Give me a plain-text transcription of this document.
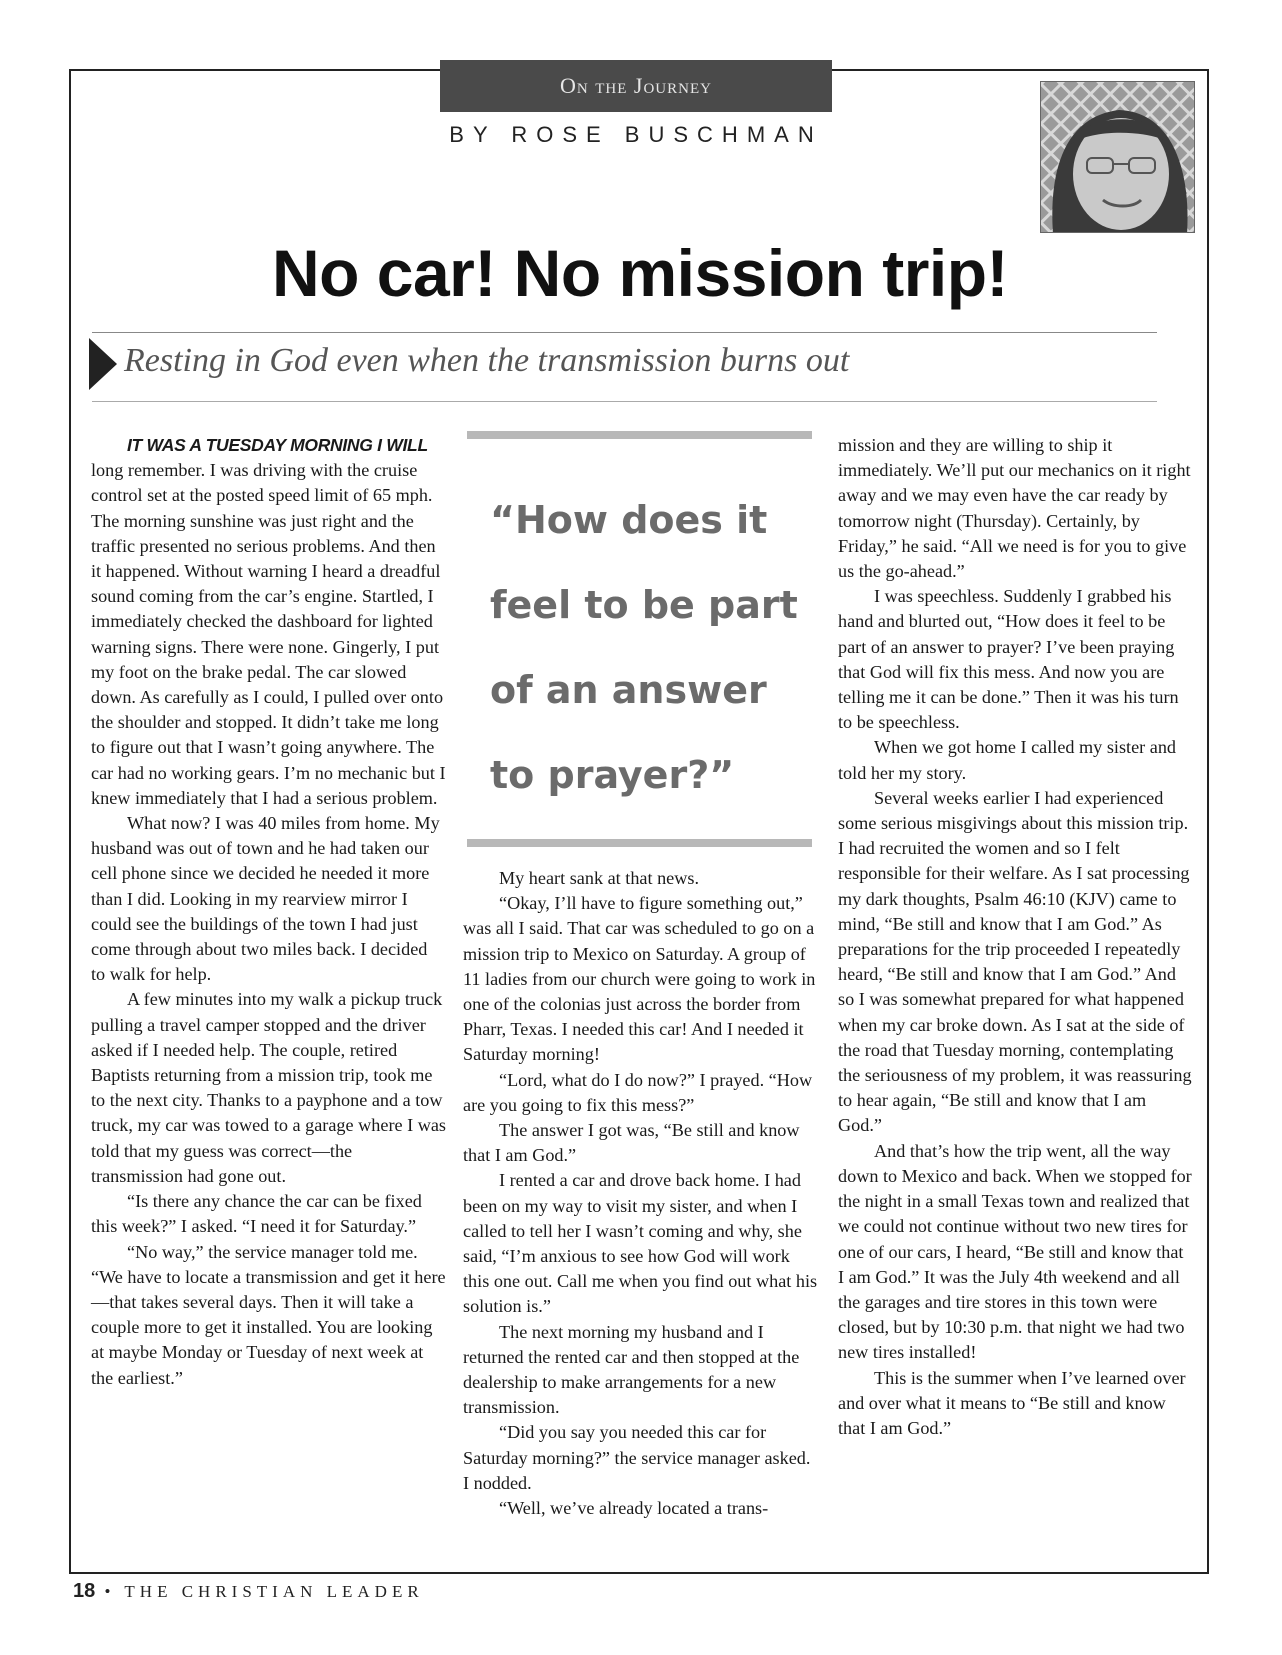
On the Journey
BY ROSE BUSCHMAN
No car! No mission trip!
Resting in God even when the transmission burns out

IT WAS A TUESDAY MORNING I WILL
long remember. I was driving with the cruise control set at the posted speed limit of 65 mph. The morning sunshine was just right and the traffic presented no serious problems. And then it happened. Without warning I heard a dreadful sound coming from the car’s engine. Startled, I immediately checked the dashboard for lighted warning signs. There were none. Gingerly, I put my foot on the brake pedal. The car slowed down. As carefully as I could, I pulled over onto the shoulder and stopped. It didn’t take me long to figure out that I wasn’t going anywhere. The car had no working gears. I’m no mechanic but I knew immediately that I had a serious problem.

What now? I was 40 miles from home. My husband was out of town and he had taken our cell phone since we decided he needed it more than I did. Looking in my rearview mirror I could see the buildings of the town I had just come through about two miles back. I decided to walk for help.

A few minutes into my walk a pickup truck pulling a travel camper stopped and the driver asked if I needed help. The couple, retired Baptists returning from a mission trip, took me to the next city. Thanks to a payphone and a tow truck, my car was towed to a garage where I was told that my guess was correct—the transmission had gone out.

“Is there any chance the car can be fixed this week?” I asked. “I need it for Saturday.”

“No way,” the service manager told me. “We have to locate a transmission and get it here—that takes several days. Then it will take a couple more to get it installed. You are looking at maybe Monday or Tuesday of next week at the earliest.”

“How does it feel to be part of an answer to prayer?”

My heart sank at that news.

“Okay, I’ll have to figure something out,” was all I said. That car was scheduled to go on a mission trip to Mexico on Saturday. A group of 11 ladies from our church were going to work in one of the colonias just across the border from Pharr, Texas. I needed this car! And I needed it Saturday morning!

“Lord, what do I do now?” I prayed. “How are you going to fix this mess?”

The answer I got was, “Be still and know that I am God.”

I rented a car and drove back home. I had been on my way to visit my sister, and when I called to tell her I wasn’t coming and why, she said, “I’m anxious to see how God will work this one out. Call me when you find out what his solution is.”

The next morning my husband and I returned the rented car and then stopped at the dealership to make arrangements for a new transmission.

“Did you say you needed this car for Saturday morning?” the service manager asked. I nodded.

“Well, we’ve already located a trans-

mission and they are willing to ship it immediately. We’ll put our mechanics on it right away and we may even have the car ready by tomorrow night (Thursday). Certainly, by Friday,” he said. “All we need is for you to give us the go-ahead.”

I was speechless. Suddenly I grabbed his hand and blurted out, “How does it feel to be part of an answer to prayer? I’ve been praying that God will fix this mess. And now you are telling me it can be done.” Then it was his turn to be speechless.

When we got home I called my sister and told her my story.

Several weeks earlier I had experienced some serious misgivings about this mission trip. I had recruited the women and so I felt responsible for their welfare. As I sat processing my dark thoughts, Psalm 46:10 (KJV) came to mind, “Be still and know that I am God.” As preparations for the trip proceeded I repeatedly heard, “Be still and know that I am God.” And so I was somewhat prepared for what happened when my car broke down. As I sat at the side of the road that Tuesday morning, contemplating the seriousness of my problem, it was reassuring to hear again, “Be still and know that I am God.”

And that’s how the trip went, all the way down to Mexico and back. When we stopped for the night in a small Texas town and realized that we could not continue without two new tires for one of our cars, I heard, “Be still and know that I am God.” It was the July 4th weekend and all the garages and tire stores in this town were closed, but by 10:30 p.m. that night we had two new tires installed!

This is the summer when I’ve learned over and over what it means to “Be still and know that I am God.”

18 • THE CHRISTIAN LEADER
